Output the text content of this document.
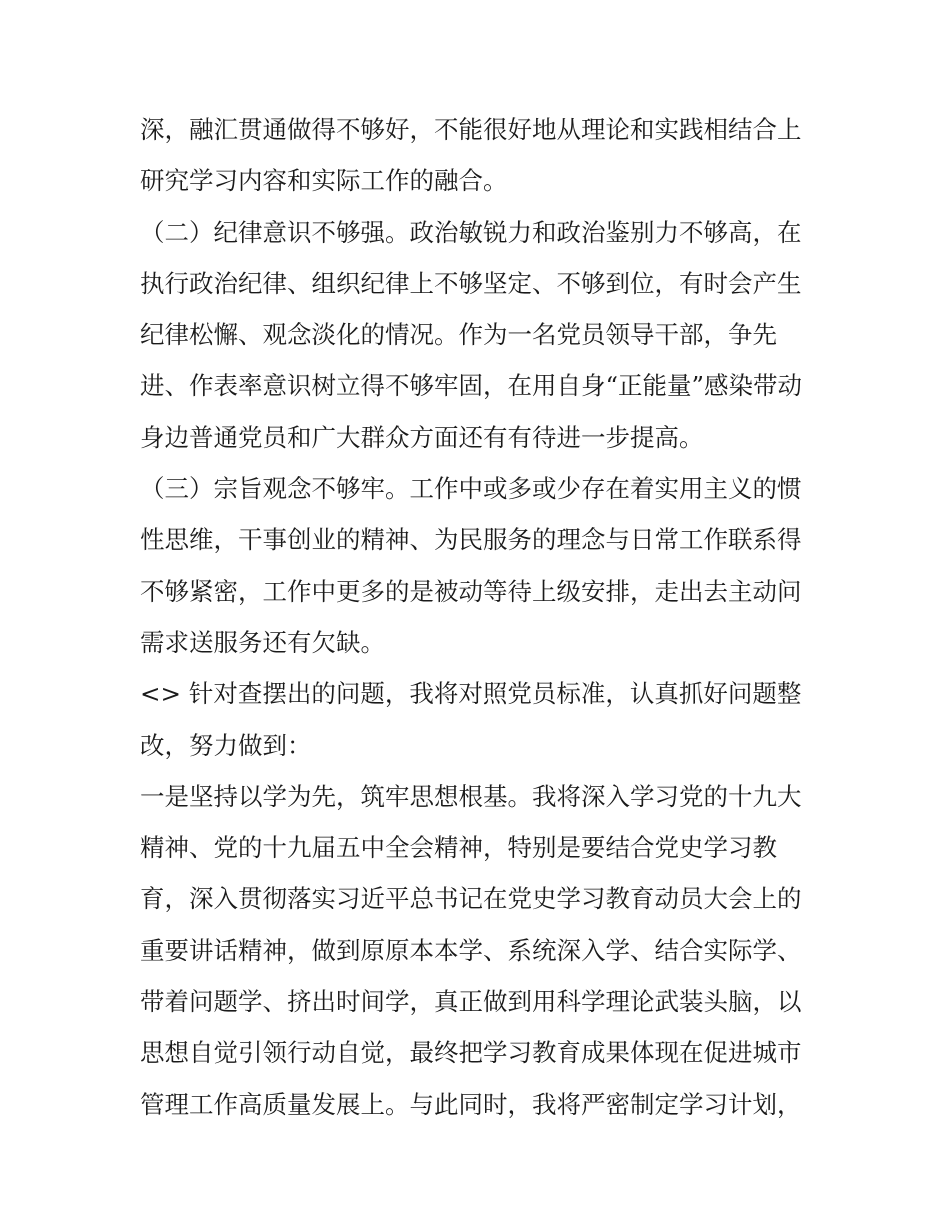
深，融汇贯通做得不够好，不能很好地从理论和实践相结合上
研究学习内容和实际工作的融合。
（二）纪律意识不够强。政治敏锐力和政治鉴别力不够高，在
执行政治纪律、组织纪律上不够坚定、不够到位，有时会产生
纪律松懈、观念淡化的情况。作为一名党员领导干部，争先
进、作表率意识树立得不够牢固，在用自身“正能量”感染带动
身边普通党员和广大群众方面还有有待进一步提高。
（三）宗旨观念不够牢。工作中或多或少存在着实用主义的惯
性思维，干事创业的精神、为民服务的理念与日常工作联系得
不够紧密，工作中更多的是被动等待上级安排，走出去主动问
需求送服务还有欠缺。
<> 针对查摆出的问题，我将对照党员标准，认真抓好问题整
改，努力做到：
一是坚持以学为先，筑牢思想根基。我将深入学习党的十九大
精神、党的十九届五中全会精神，特别是要结合党史学习教
育，深入贯彻落实习近平总书记在党史学习教育动员大会上的
重要讲话精神，做到原原本本学、系统深入学、结合实际学、
带着问题学、挤出时间学，真正做到用科学理论武装头脑，以
思想自觉引领行动自觉，最终把学习教育成果体现在促进城市
管理工作高质量发展上。与此同时，我将严密制定学习计划，
